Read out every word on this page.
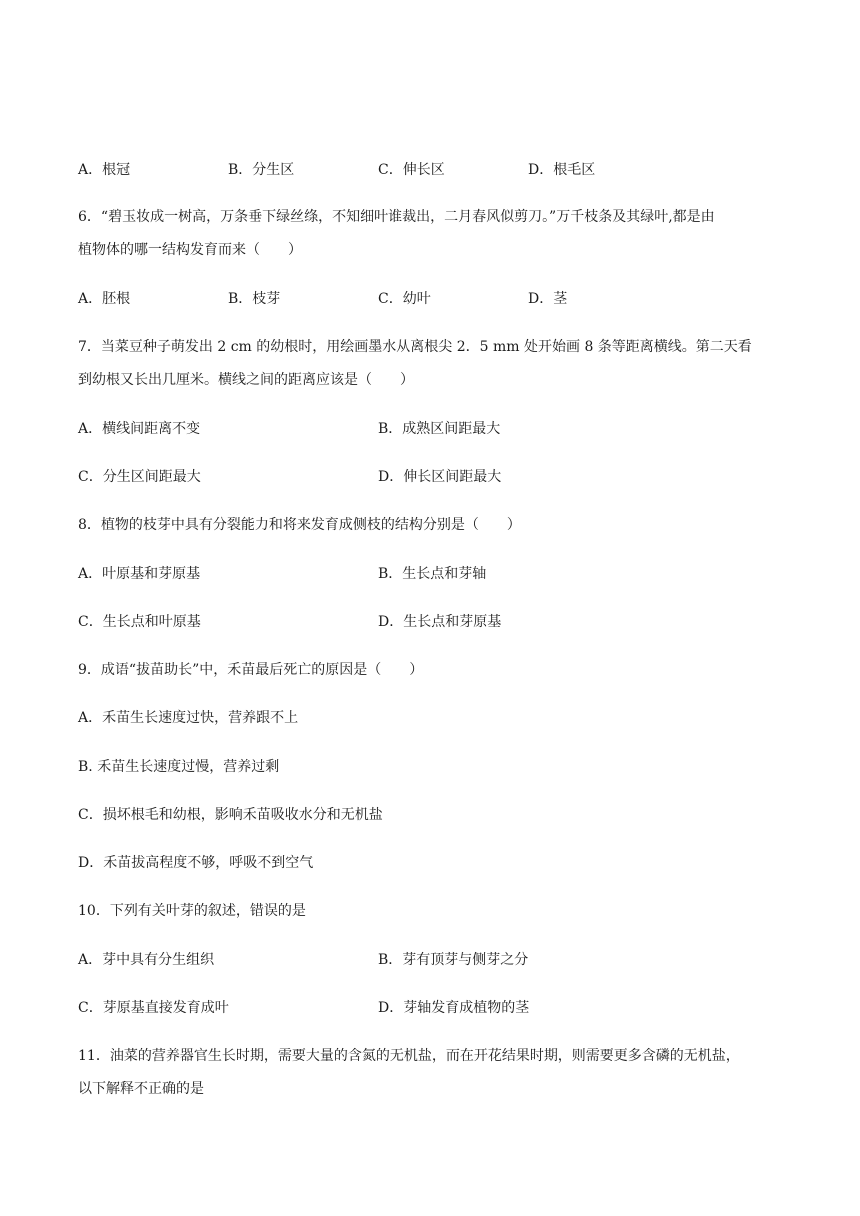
A．根冠	B．分生区	C．伸长区	D．根毛区
6．“碧玉妆成一树高，万条垂下绿丝绦，不知细叶谁裁出，二月春风似剪刀。”万千枝条及其绿叶,都是由
植物体的哪一结构发育而来（　　）
A．胚根	B．枝芽	C．幼叶	D．茎
7．当菜豆种子萌发出 2 cm 的幼根时，用绘画墨水从离根尖 2．5 mm 处开始画 8 条等距离横线。第二天看
到幼根又长出几厘米。横线之间的距离应该是（　　）
A．横线间距离不变	B．成熟区间距最大
C．分生区间距最大	D．伸长区间距最大
8．植物的枝芽中具有分裂能力和将来发育成侧枝的结构分别是（　　）
A．叶原基和芽原基	B．生长点和芽轴
C．生长点和叶原基	D．生长点和芽原基
9．成语“拔苗助长”中，禾苗最后死亡的原因是（　　）
A．禾苗生长速度过快，营养跟不上
B. 禾苗生长速度过慢，营养过剩
C．损坏根毛和幼根，影响禾苗吸收水分和无机盐
D．禾苗拔高程度不够，呼吸不到空气
10．下列有关叶芽的叙述，错误的是
A．芽中具有分生组织	B．芽有顶芽与侧芽之分
C．芽原基直接发育成叶	D．芽轴发育成植物的茎
11．油菜的营养器官生长时期，需要大量的含氮的无机盐，而在开花结果时期，则需要更多含磷的无机盐，
以下解释不正确的是
